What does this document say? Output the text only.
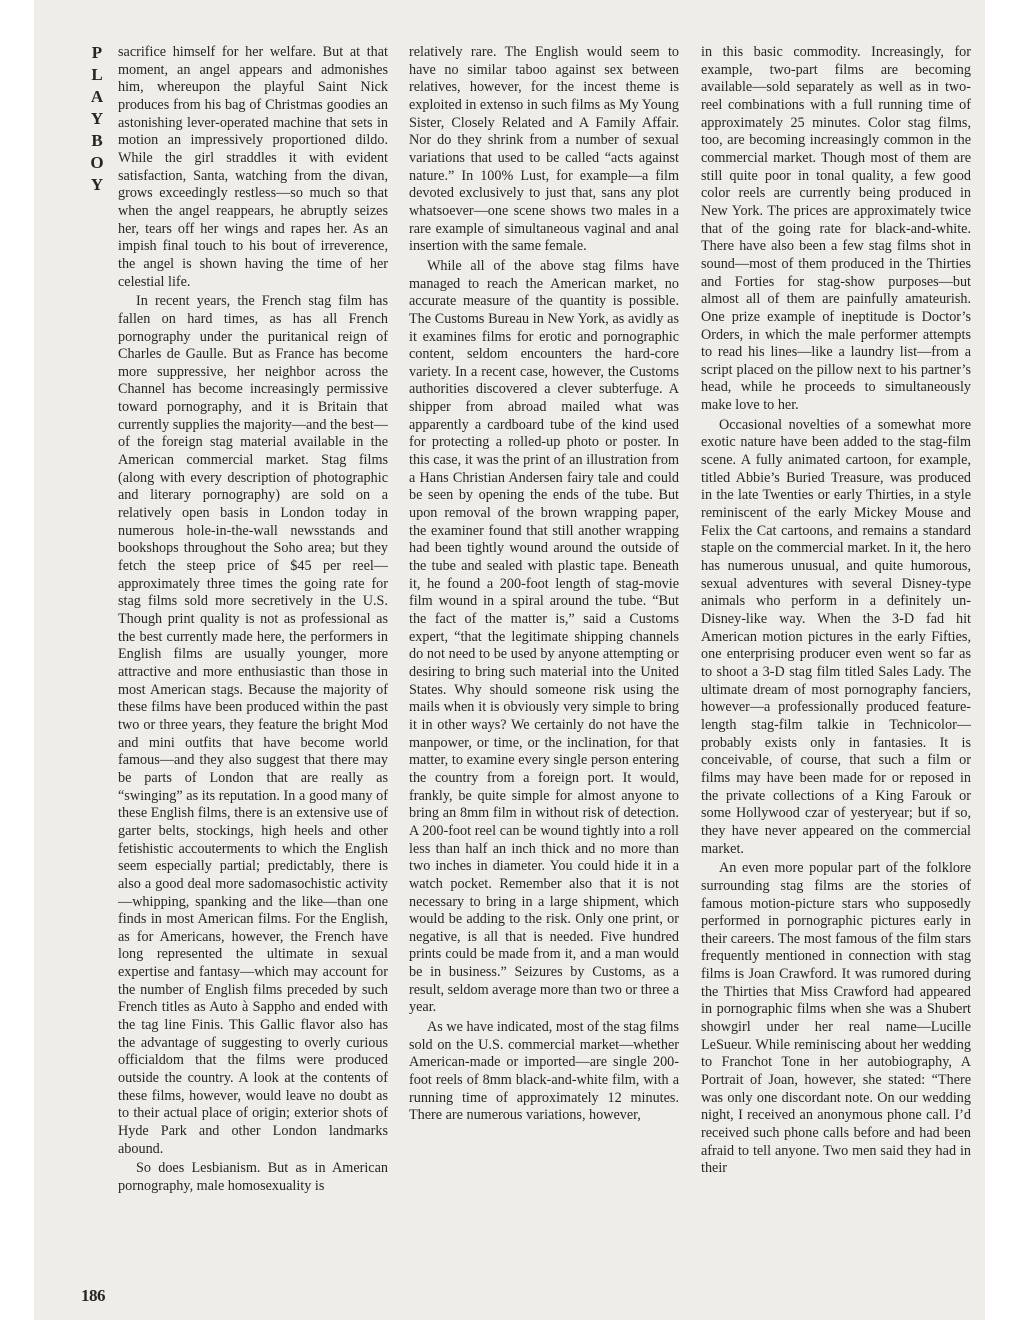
P
L
A
Y
B
O
Y

sacrifice himself for her welfare. But at that moment, an angel appears and admonishes him, whereupon the playful Saint Nick produces from his bag of Christmas goodies an astonishing lever-operated machine that sets in motion an impressively proportioned dildo. While the girl straddles it with evident satisfaction, Santa, watching from the divan, grows exceedingly restless—so much so that when the angel reappears, he abruptly seizes her, tears off her wings and rapes her. As an impish final touch to his bout of irreverence, the angel is shown having the time of her celestial life.

In recent years, the French stag film has fallen on hard times, as has all French pornography under the puritanical reign of Charles de Gaulle. But as France has become more suppressive, her neighbor across the Channel has become increasingly permissive toward pornography, and it is Britain that currently supplies the majority—and the best—of the foreign stag material available in the American commercial market. Stag films (along with every description of photographic and literary pornography) are sold on a relatively open basis in London today in numerous hole-in-the-wall newsstands and bookshops throughout the Soho area; but they fetch the steep price of $45 per reel—approximately three times the going rate for stag films sold more secretively in the U.S. Though print quality is not as professional as the best currently made here, the performers in English films are usually younger, more attractive and more enthusiastic than those in most American stags. Because the majority of these films have been produced within the past two or three years, they feature the bright Mod and mini outfits that have become world famous—and they also suggest that there may be parts of London that are really as “swinging” as its reputation. In a good many of these English films, there is an extensive use of garter belts, stockings, high heels and other fetishistic accouterments to which the English seem especially partial; predictably, there is also a good deal more sadomasochistic activity—whipping, spanking and the like—than one finds in most American films. For the English, as for Americans, however, the French have long represented the ultimate in sexual expertise and fantasy—which may account for the number of English films preceded by such French titles as Auto à Sappho and ended with the tag line Finis. This Gallic flavor also has the advantage of suggesting to overly curious officialdom that the films were produced outside the country. A look at the contents of these films, however, would leave no doubt as to their actual place of origin; exterior shots of Hyde Park and other London landmarks abound.

So does Lesbianism. But as in American pornography, male homosexuality is

relatively rare. The English would seem to have no similar taboo against sex between relatives, however, for the incest theme is exploited in extenso in such films as My Young Sister, Closely Related and A Family Affair. Nor do they shrink from a number of sexual variations that used to be called “acts against nature.” In 100% Lust, for example—a film devoted exclusively to just that, sans any plot whatsoever—one scene shows two males in a rare example of simultaneous vaginal and anal insertion with the same female.

While all of the above stag films have managed to reach the American market, no accurate measure of the quantity is possible. The Customs Bureau in New York, as avidly as it examines films for erotic and pornographic content, seldom encounters the hard-core variety. In a recent case, however, the Customs authorities discovered a clever subterfuge. A shipper from abroad mailed what was apparently a cardboard tube of the kind used for protecting a rolled-up photo or poster. In this case, it was the print of an illustration from a Hans Christian Andersen fairy tale and could be seen by opening the ends of the tube. But upon removal of the brown wrapping paper, the examiner found that still another wrapping had been tightly wound around the outside of the tube and sealed with plastic tape. Beneath it, he found a 200-foot length of stag-movie film wound in a spiral around the tube. “But the fact of the matter is,” said a Customs expert, “that the legitimate shipping channels do not need to be used by anyone attempting or desiring to bring such material into the United States. Why should someone risk using the mails when it is obviously very simple to bring it in other ways? We certainly do not have the manpower, or time, or the inclination, for that matter, to examine every single person entering the country from a foreign port. It would, frankly, be quite simple for almost anyone to bring an 8mm film in without risk of detection. A 200-foot reel can be wound tightly into a roll less than half an inch thick and no more than two inches in diameter. You could hide it in a watch pocket. Remember also that it is not necessary to bring in a large shipment, which would be adding to the risk. Only one print, or negative, is all that is needed. Five hundred prints could be made from it, and a man would be in business.” Seizures by Customs, as a result, seldom average more than two or three a year.

As we have indicated, most of the stag films sold on the U.S. commercial market—whether American-made or imported—are single 200-foot reels of 8mm black-and-white film, with a running time of approximately 12 minutes. There are numerous variations, however,

in this basic commodity. Increasingly, for example, two-part films are becoming available—sold separately as well as in two-reel combinations with a full running time of approximately 25 minutes. Color stag films, too, are becoming increasingly common in the commercial market. Though most of them are still quite poor in tonal quality, a few good color reels are currently being produced in New York. The prices are approximately twice that of the going rate for black-and-white. There have also been a few stag films shot in sound—most of them produced in the Thirties and Forties for stag-show purposes—but almost all of them are painfully amateurish. One prize example of ineptitude is Doctor’s Orders, in which the male performer attempts to read his lines—like a laundry list—from a script placed on the pillow next to his partner’s head, while he proceeds to simultaneously make love to her.

Occasional novelties of a somewhat more exotic nature have been added to the stag-film scene. A fully animated cartoon, for example, titled Abbie’s Buried Treasure, was produced in the late Twenties or early Thirties, in a style reminiscent of the early Mickey Mouse and Felix the Cat cartoons, and remains a standard staple on the commercial market. In it, the hero has numerous unusual, and quite humorous, sexual adventures with several Disney-type animals who perform in a definitely un-Disney-like way. When the 3-D fad hit American motion pictures in the early Fifties, one enterprising producer even went so far as to shoot a 3-D stag film titled Sales Lady. The ultimate dream of most pornography fanciers, however—a professionally produced feature-length stag-film talkie in Technicolor—probably exists only in fantasies. It is conceivable, of course, that such a film or films may have been made for or reposed in the private collections of a King Farouk or some Hollywood czar of yesteryear; but if so, they have never appeared on the commercial market.

An even more popular part of the folklore surrounding stag films are the stories of famous motion-picture stars who supposedly performed in pornographic pictures early in their careers. The most famous of the film stars frequently mentioned in connection with stag films is Joan Crawford. It was rumored during the Thirties that Miss Crawford had appeared in pornographic films when she was a Shubert showgirl under her real name—Lucille LeSueur. While reminiscing about her wedding to Franchot Tone in her autobiography, A Portrait of Joan, however, she stated: “There was only one discordant note. On our wedding night, I received an anonymous phone call. I’d received such phone calls before and had been afraid to tell anyone. Two men said they had in their

186
